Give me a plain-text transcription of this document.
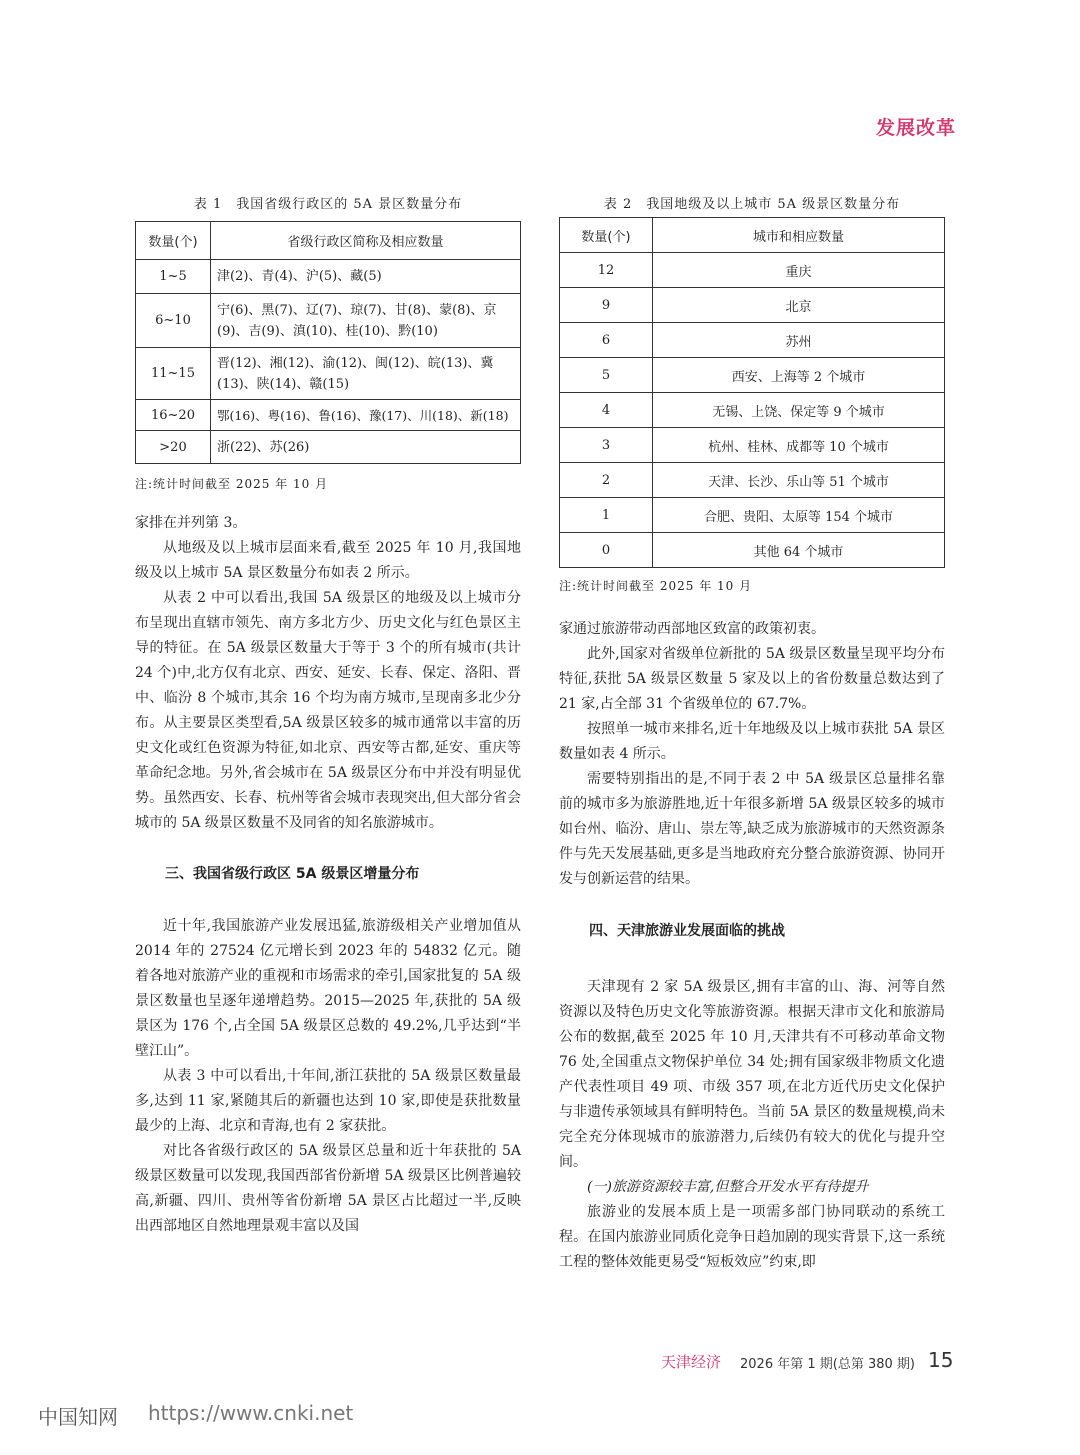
发展改革
表 1　我国省级行政区的 5A 景区数量分布
数量(个)	省级行政区简称及相应数量
1~5	津(2)、青(4)、沪(5)、藏(5)
6~10	宁(6)、黑(7)、辽(7)、琼(7)、甘(8)、蒙(8)、京(9)、吉(9)、滇(10)、桂(10)、黔(10)
11~15	晋(12)、湘(12)、渝(12)、闽(12)、皖(13)、冀(13)、陕(14)、赣(15)
16~20	鄂(16)、粤(16)、鲁(16)、豫(17)、川(18)、新(18)
>20	浙(22)、苏(26)
注:统计时间截至 2025 年 10 月
表 2　我国地级及以上城市 5A 级景区数量分布
数量(个)	城市和相应数量
12	重庆
9	北京
6	苏州
5	西安、上海等 2 个城市
4	无锡、上饶、保定等 9 个城市
3	杭州、桂林、成都等 10 个城市
2	天津、长沙、乐山等 51 个城市
1	合肥、贵阳、太原等 154 个城市
0	其他 64 个城市
注:统计时间截至 2025 年 10 月

家排在并列第 3。

从地级及以上城市层面来看,截至 2025 年 10 月,我国地级及以上城市 5A 景区数量分布如表 2 所示。

从表 2 中可以看出,我国 5A 级景区的地级及以上城市分布呈现出直辖市领先、南方多北方少、历史文化与红色景区主导的特征。在 5A 级景区数量大于等于 3 个的所有城市(共计 24 个)中,北方仅有北京、西安、延安、长春、保定、洛阳、晋中、临汾 8 个城市,其余 16 个均为南方城市,呈现南多北少分布。从主要景区类型看,5A 级景区较多的城市通常以丰富的历史文化或红色资源为特征,如北京、西安等古都,延安、重庆等革命纪念地。另外,省会城市在 5A 级景区分布中并没有明显优势。虽然西安、长春、杭州等省会城市表现突出,但大部分省会城市的 5A 级景区数量不及同省的知名旅游城市。

三、我国省级行政区 5A 级景区增量分布

近十年,我国旅游产业发展迅猛,旅游级相关产业增加值从 2014 年的 27524 亿元增长到 2023 年的 54832 亿元。随着各地对旅游产业的重视和市场需求的牵引,国家批复的 5A 级景区数量也呈逐年递增趋势。2015—2025 年,获批的 5A 级景区为 176 个,占全国 5A 级景区总数的 49.2%,几乎达到“半壁江山”。

从表 3 中可以看出,十年间,浙江获批的 5A 级景区数量最多,达到 11 家,紧随其后的新疆也达到 10 家,即使是获批数量最少的上海、北京和青海,也有 2 家获批。

对比各省级行政区的 5A 级景区总量和近十年获批的 5A 级景区数量可以发现,我国西部省份新增 5A 级景区比例普遍较高,新疆、四川、贵州等省份新增 5A 景区占比超过一半,反映出西部地区自然地理景观丰富以及国

家通过旅游带动西部地区致富的政策初衷。

此外,国家对省级单位新批的 5A 级景区数量呈现平均分布特征,获批 5A 级景区数量 5 家及以上的省份数量总数达到了 21 家,占全部 31 个省级单位的 67.7%。

按照单一城市来排名,近十年地级及以上城市获批 5A 景区数量如表 4 所示。

需要特别指出的是,不同于表 2 中 5A 级景区总量排名靠前的城市多为旅游胜地,近十年很多新增 5A 级景区较多的城市如台州、临汾、唐山、崇左等,缺乏成为旅游城市的天然资源条件与先天发展基础,更多是当地政府充分整合旅游资源、协同开发与创新运营的结果。

四、天津旅游业发展面临的挑战

天津现有 2 家 5A 级景区,拥有丰富的山、海、河等自然资源以及特色历史文化等旅游资源。根据天津市文化和旅游局公布的数据,截至 2025 年 10 月,天津共有不可移动革命文物 76 处,全国重点文物保护单位 34 处;拥有国家级非物质文化遗产代表性项目 49 项、市级 357 项,在北方近代历史文化保护与非遗传承领域具有鲜明特色。当前 5A 景区的数量规模,尚未完全充分体现城市的旅游潜力,后续仍有较大的优化与提升空间。

(一)旅游资源较丰富,但整合开发水平有待提升

旅游业的发展本质上是一项需多部门协同联动的系统工程。在国内旅游业同质化竞争日趋加剧的现实背景下,这一系统工程的整体效能更易受“短板效应”约束,即

天津经济 2026 年第 1 期(总第 380 期) 15
中国知网 https://www.cnki.net
